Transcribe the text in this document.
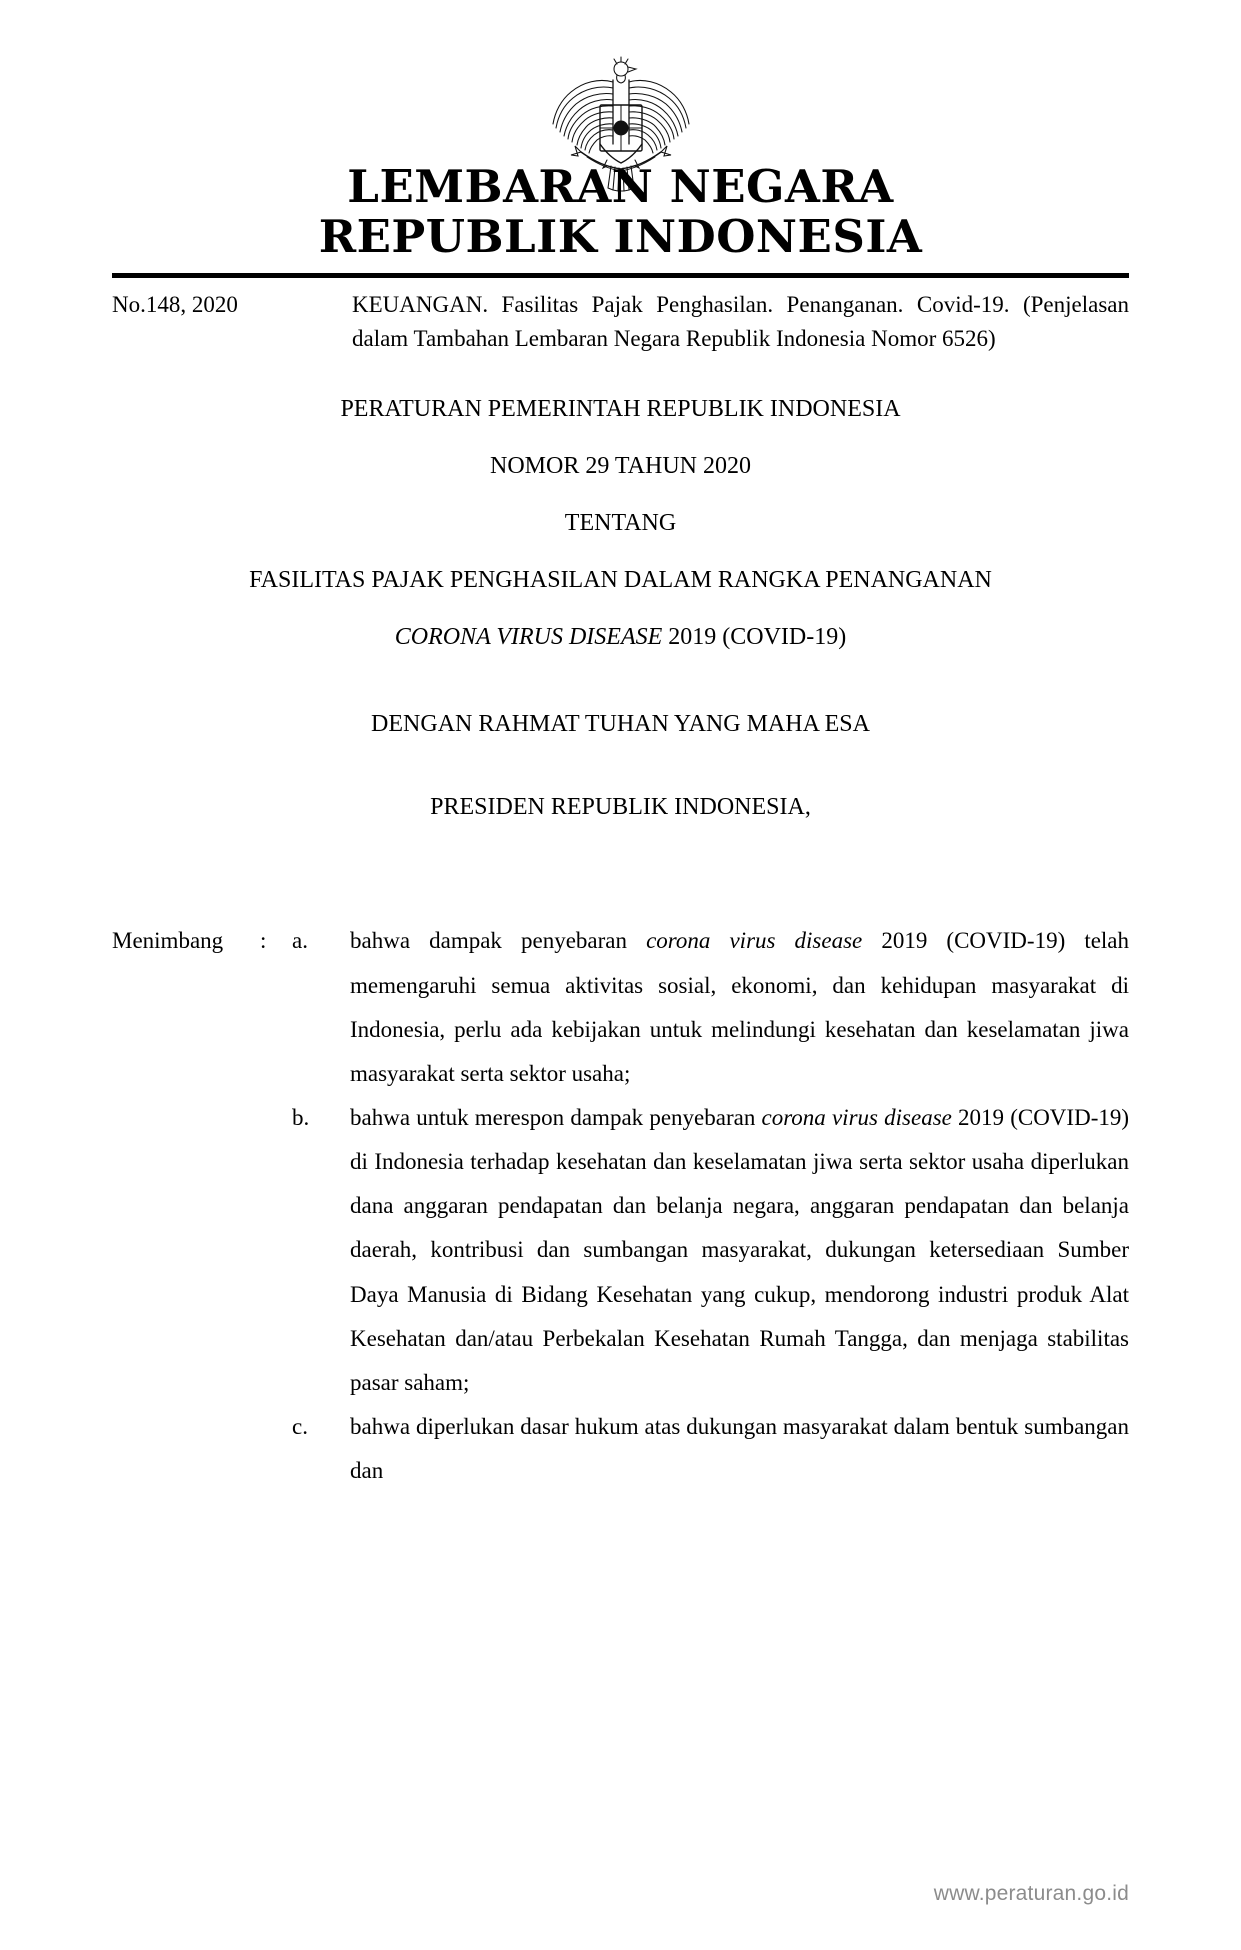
LEMBARAN NEGARA
REPUBLIK INDONESIA
No.148, 2020	KEUANGAN. Fasilitas Pajak Penghasilan. Penanganan. Covid-19. (Penjelasan dalam Tambahan Lembaran Negara Republik Indonesia Nomor 6526)
PERATURAN PEMERINTAH REPUBLIK INDONESIA
NOMOR 29 TAHUN 2020
TENTANG
FASILITAS PAJAK PENGHASILAN DALAM RANGKA PENANGANAN
CORONA VIRUS DISEASE 2019 (COVID-19)
DENGAN RAHMAT TUHAN YANG MAHA ESA
PRESIDEN REPUBLIK INDONESIA,
Menimbang	:	a.	bahwa dampak penyebaran corona virus disease 2019 (COVID-19) telah memengaruhi semua aktivitas sosial, ekonomi, dan kehidupan masyarakat di Indonesia, perlu ada kebijakan untuk melindungi kesehatan dan keselamatan jiwa masyarakat serta sektor usaha;
b.	bahwa untuk merespon dampak penyebaran corona virus disease 2019 (COVID-19) di Indonesia terhadap kesehatan dan keselamatan jiwa serta sektor usaha diperlukan dana anggaran pendapatan dan belanja negara, anggaran pendapatan dan belanja daerah, kontribusi dan sumbangan masyarakat, dukungan ketersediaan Sumber Daya Manusia di Bidang Kesehatan yang cukup, mendorong industri produk Alat Kesehatan dan/atau Perbekalan Kesehatan Rumah Tangga, dan menjaga stabilitas pasar saham;
c.	bahwa diperlukan dasar hukum atas dukungan masyarakat dalam bentuk sumbangan dan
www.peraturan.go.id
